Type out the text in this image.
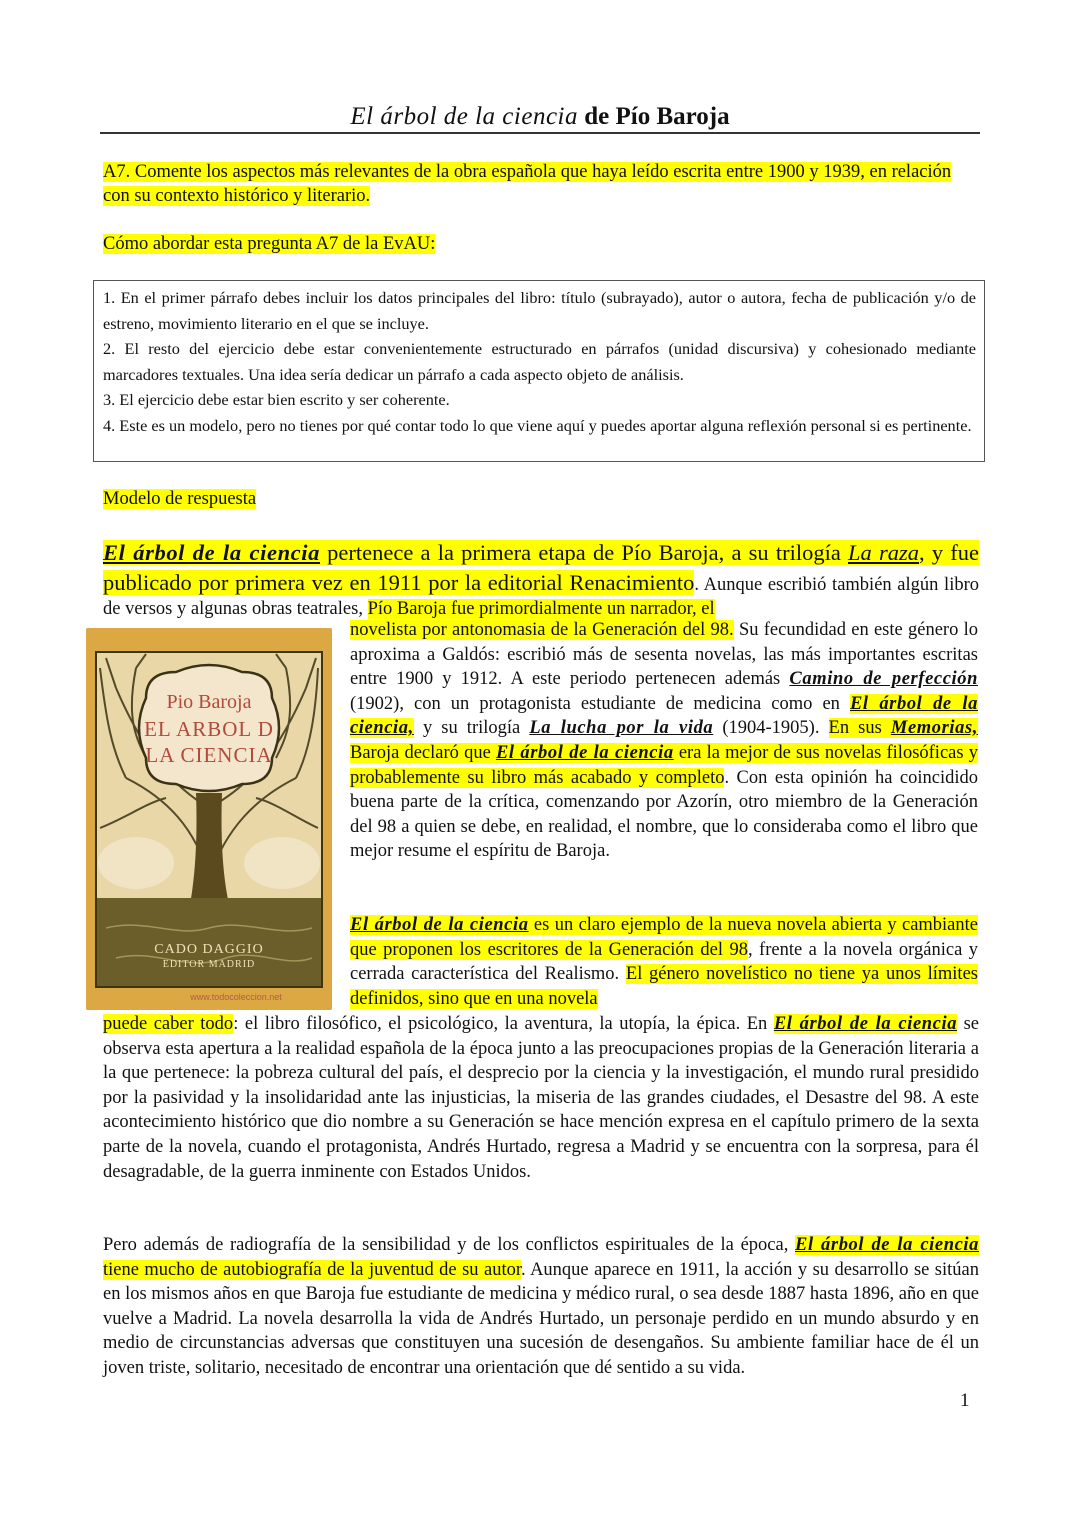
El árbol de la ciencia de Pío Baroja
A7. Comente los aspectos más relevantes de la obra española que haya leído escrita entre 1900 y 1939, en relación con su contexto histórico y literario.
Cómo abordar esta pregunta A7 de la EvAU:

1. En el primer párrafo debes incluir los datos principales del libro: título (subrayado), autor o autora, fecha de publicación y/o de estreno, movimiento literario en el que se incluye.

2. El resto del ejercicio debe estar convenientemente estructurado en párrafos (unidad discursiva) y cohesionado mediante marcadores textuales. Una idea sería dedicar un párrafo a cada aspecto objeto de análisis.

3. El ejercicio debe estar bien escrito y ser coherente.

4. Este es un modelo, pero no tienes por qué contar todo lo que viene aquí y puedes aportar alguna reflexión personal si es pertinente.

Modelo de respuesta
El árbol de la ciencia pertenece a la primera etapa de Pío Baroja, a su trilogía La raza, y fue publicado por primera vez en 1911 por la editorial Renacimiento. Aunque escribió también algún libro de versos y algunas obras teatrales, Pío Baroja fue primordialmente un narrador, el
Pio Baroja
EL ARBOL D
LA CIENCIA
CADO DAGGIO
EDITOR MADRID
www.todocoleccion.net
novelista por antonomasia de la Generación del 98. Su fecundidad en este género lo aproxima a Galdós: escribió más de sesenta novelas, las más importantes escritas entre 1900 y 1912. A este periodo pertenecen además Camino de perfección (1902), con un protagonista estudiante de medicina como en El árbol de la ciencia, y su trilogía La lucha por la vida (1904-1905). En sus Memorias, Baroja declaró que El árbol de la ciencia era la mejor de sus novelas filosóficas y probablemente su libro más acabado y completo. Con esta opinión ha coincidido buena parte de la crítica, comenzando por Azorín, otro miembro de la Generación del 98 a quien se debe, en realidad, el nombre, que lo consideraba como el libro que mejor resume el espíritu de Baroja.
El árbol de la ciencia es un claro ejemplo de la nueva novela abierta y cambiante que proponen los escritores de la Generación del 98, frente a la novela orgánica y cerrada característica del Realismo. El género novelístico no tiene ya unos límites definidos, sino que en una novela
puede caber todo: el libro filosófico, el psicológico, la aventura, la utopía, la épica. En El árbol de la ciencia se observa esta apertura a la realidad española de la época junto a las preocupaciones propias de la Generación literaria a la que pertenece: la pobreza cultural del país, el desprecio por la ciencia y la investigación, el mundo rural presidido por la pasividad y la insolidaridad ante las injusticias, la miseria de las grandes ciudades, el Desastre del 98. A este acontecimiento histórico que dio nombre a su Generación se hace mención expresa en el capítulo primero de la sexta parte de la novela, cuando el protagonista, Andrés Hurtado, regresa a Madrid y se encuentra con la sorpresa, para él desagradable, de la guerra inminente con Estados Unidos.
Pero además de radiografía de la sensibilidad y de los conflictos espirituales de la época, El árbol de la ciencia tiene mucho de autobiografía de la juventud de su autor. Aunque aparece en 1911, la acción y su desarrollo se sitúan en los mismos años en que Baroja fue estudiante de medicina y médico rural, o sea desde 1887 hasta 1896, año en que vuelve a Madrid. La novela desarrolla la vida de Andrés Hurtado, un personaje perdido en un mundo absurdo y en medio de circunstancias adversas que constituyen una sucesión de desengaños. Su ambiente familiar hace de él un joven triste, solitario, necesitado de encontrar una orientación que dé sentido a su vida.
1
